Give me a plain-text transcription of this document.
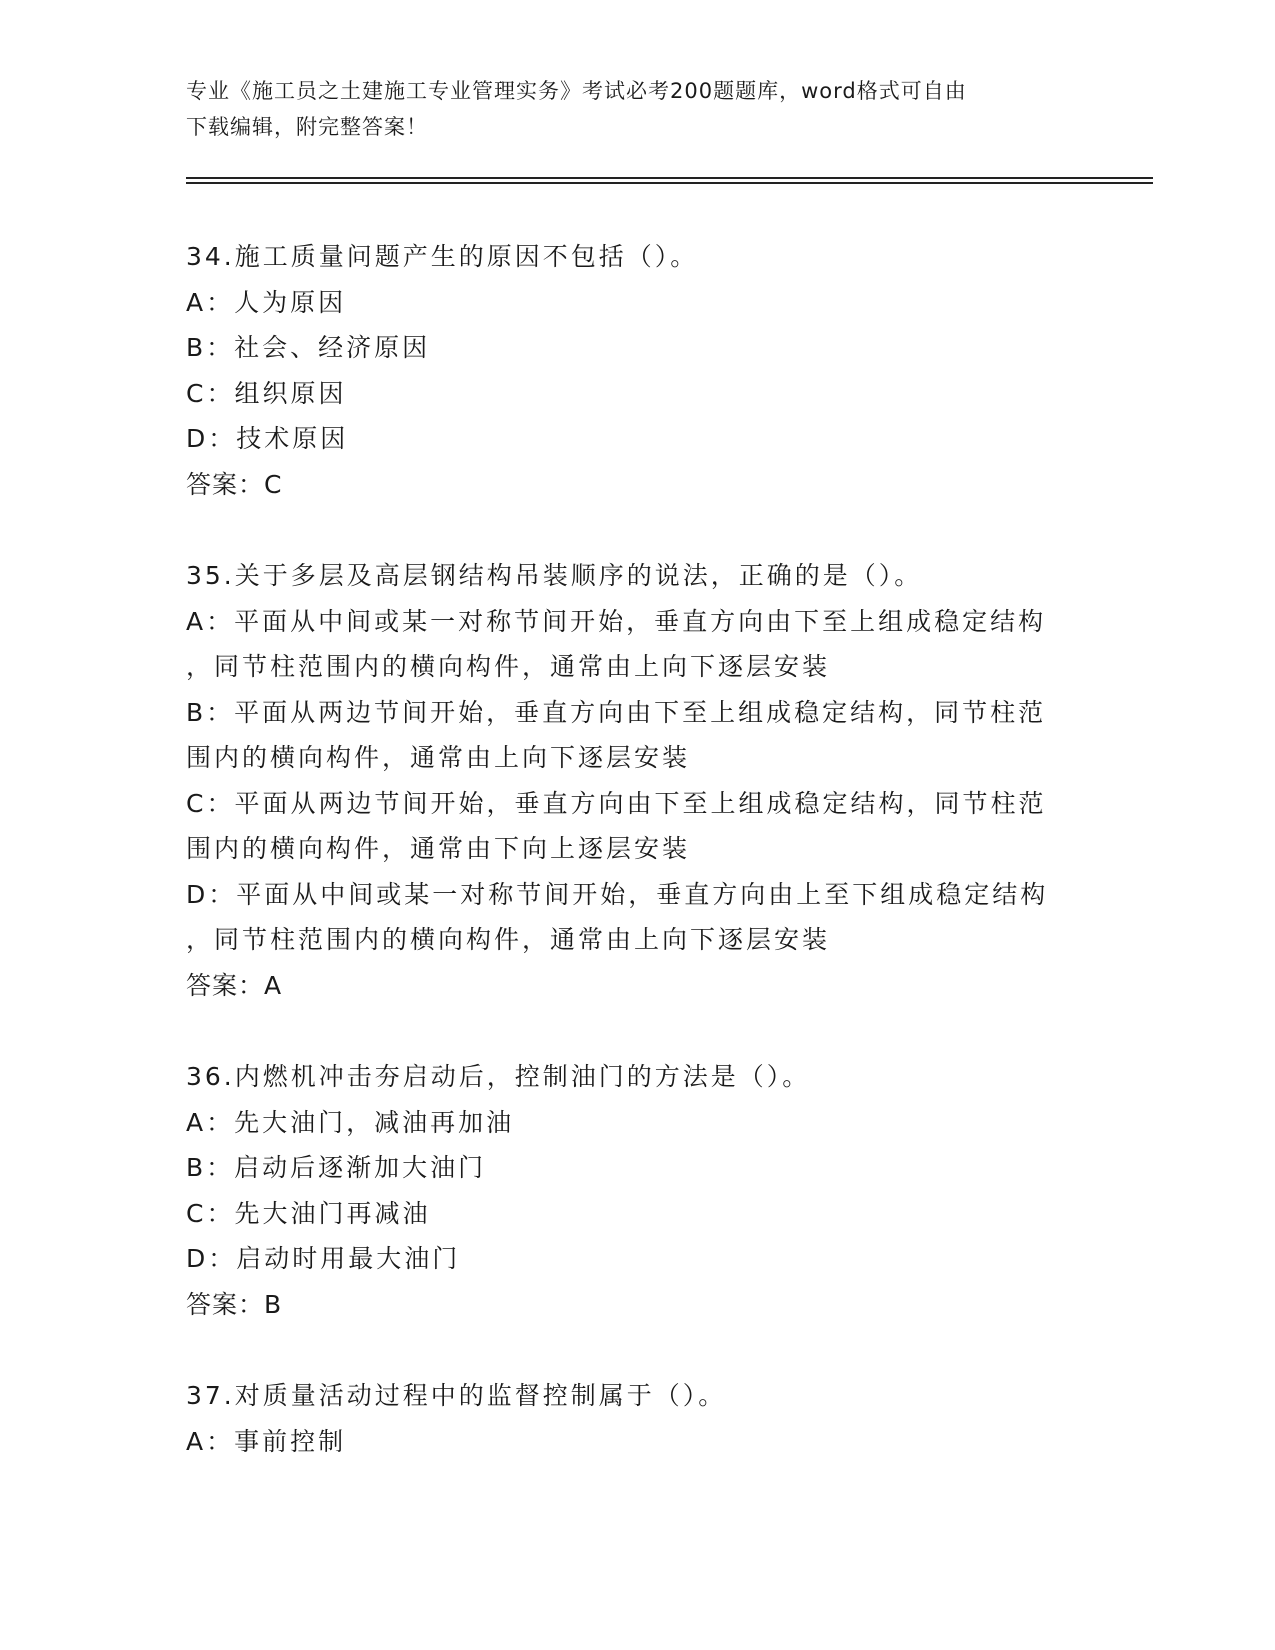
专业《施工员之土建施工专业管理实务》考试必考200题题库，word格式可自由
下载编辑，附完整答案！
34.施工质量问题产生的原因不包括（）。
A：人为原因
B：社会、经济原因
C：组织原因
D：技术原因
答案：C
35.关于多层及高层钢结构吊装顺序的说法，正确的是（）。
A：平面从中间或某一对称节间开始，垂直方向由下至上组成稳定结构
，同节柱范围内的横向构件，通常由上向下逐层安装
B：平面从两边节间开始，垂直方向由下至上组成稳定结构，同节柱范
围内的横向构件，通常由上向下逐层安装
C：平面从两边节间开始，垂直方向由下至上组成稳定结构，同节柱范
围内的横向构件，通常由下向上逐层安装
D：平面从中间或某一对称节间开始，垂直方向由上至下组成稳定结构
，同节柱范围内的横向构件，通常由上向下逐层安装
答案：A
36.内燃机冲击夯启动后，控制油门的方法是（）。
A：先大油门，减油再加油
B：启动后逐渐加大油门
C：先大油门再减油
D：启动时用最大油门
答案：B
37.对质量活动过程中的监督控制属于（）。
A：事前控制
